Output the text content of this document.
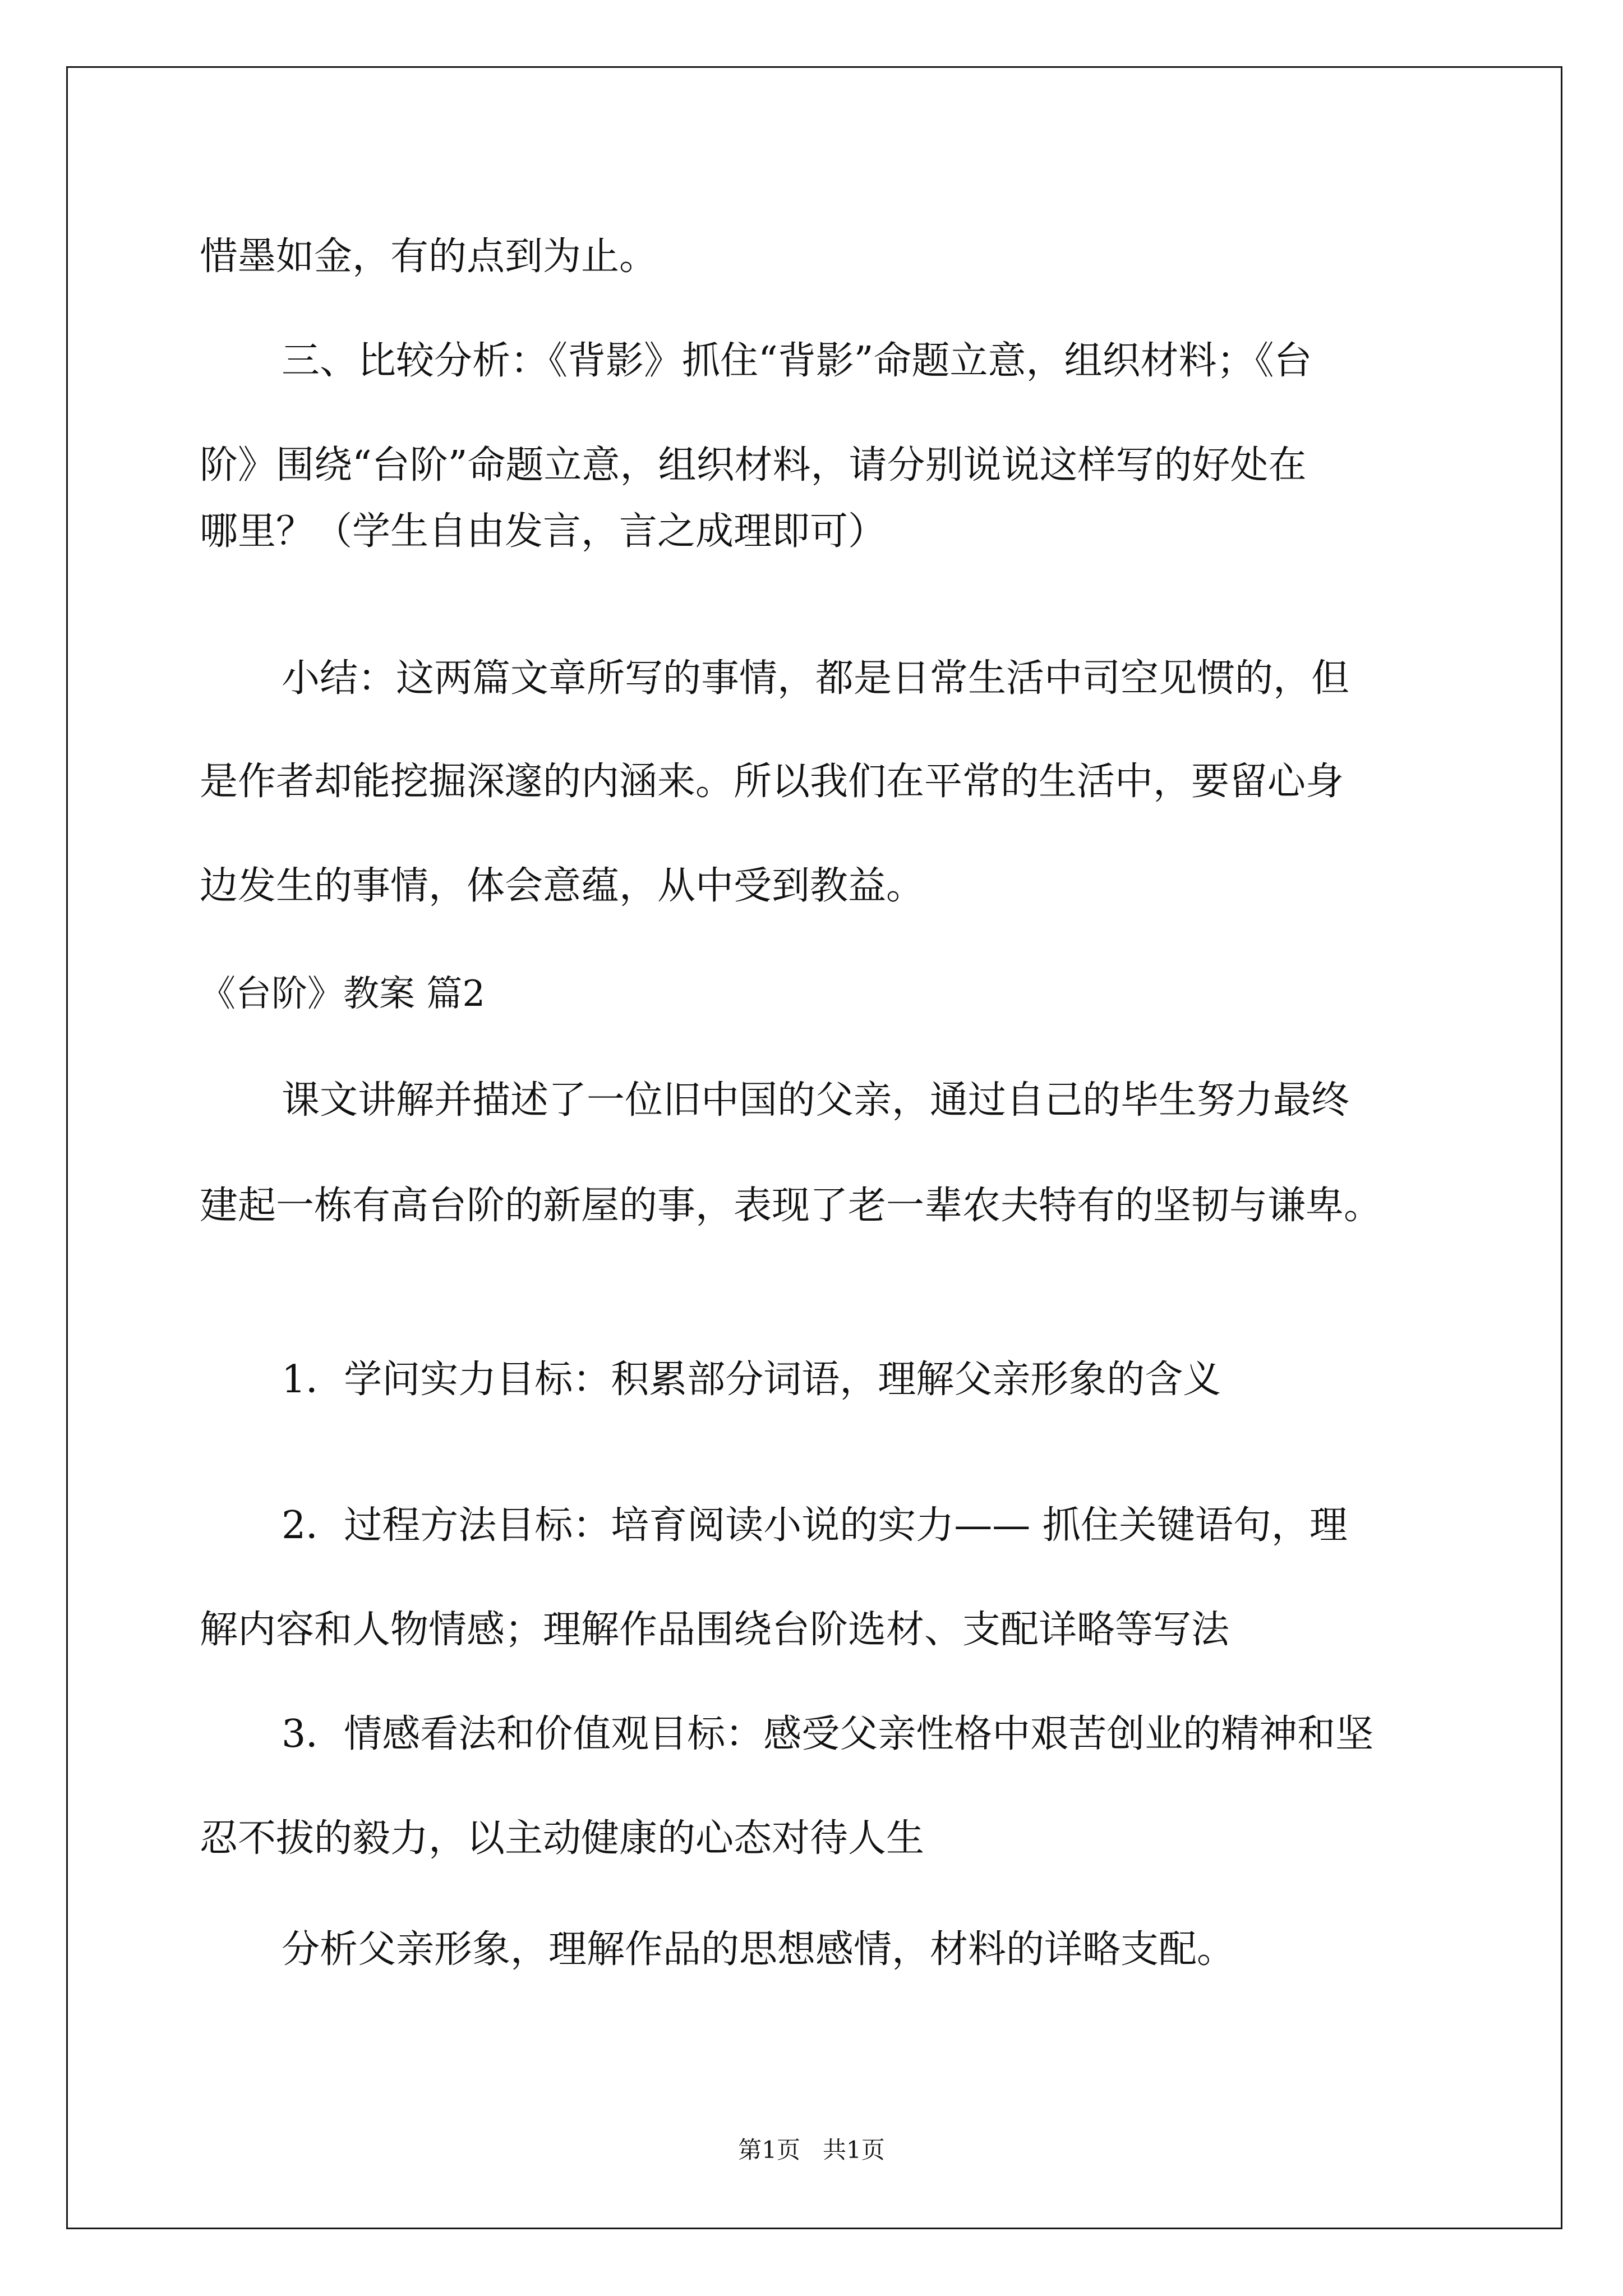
惜墨如金，有的点到为止。
三、比较分析：《背影》抓住“背影”命题立意，组织材料；《台
阶》围绕“台阶”命题立意，组织材料，请分别说说这样写的好处在
哪里？（学生自由发言，言之成理即可）
小结：这两篇文章所写的事情，都是日常生活中司空见惯的，但
是作者却能挖掘深邃的内涵来。所以我们在平常的生活中，要留心身
边发生的事情，体会意蕴，从中受到教益。
《台阶》教案 篇2
课文讲解并描述了一位旧中国的父亲，通过自己的毕生努力最终
建起一栋有高台阶的新屋的事，表现了老一辈农夫特有的坚韧与谦卑。
1．学问实力目标：积累部分词语，理解父亲形象的含义
2．过程方法目标：培育阅读小说的实力—— 抓住关键语句，理
解内容和人物情感；理解作品围绕台阶选材、支配详略等写法
3．情感看法和价值观目标：感受父亲性格中艰苦创业的精神和坚
忍不拔的毅力，以主动健康的心态对待人生
分析父亲形象，理解作品的思想感情，材料的详略支配。
第1页   共1页
